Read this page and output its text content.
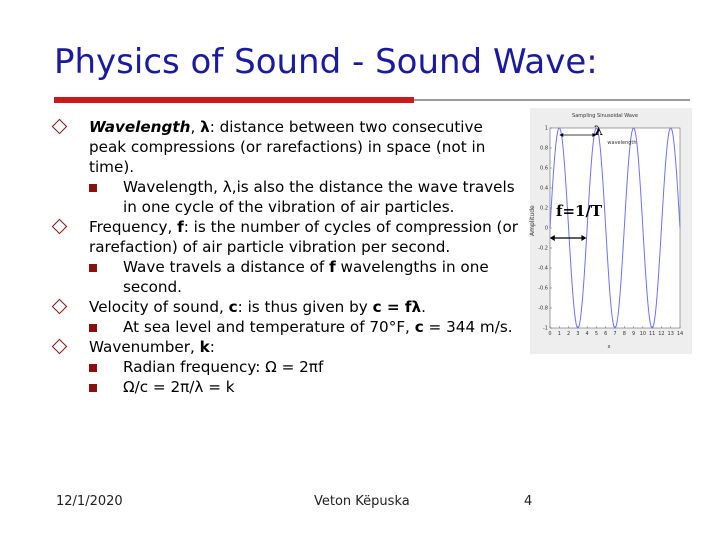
Physics of Sound - Sound Wave:
Wavelength, λ: distance between two consecutive peak compressions (or rarefactions) in space (not in time).
Wavelength, λ,is also the distance the wave travels in one cycle of the vibration of air particles.
Frequency, f: is the number of cycles of compression (or rarefaction) of air particle vibration per second.
Wave travels a distance of f wavelengths in one second.
Velocity of sound, c: is thus given by c = fλ.
At sea level and temperature of 70°F, c = 344 m/s.
Wavenumber, k:
Radian frequency: Ω = 2πf
Ω/c = 2π/λ = k
0 1 2 3 4 5 6 7 8 9 10 11 12 13 14
1
0.8
0.6
0.4
0.2
0
-0.2
-0.4
-0.6
-0.8
-1
Sampling Sinusoidal Wave
λ
wavelength
f=1/T
Amplitude
x
12/1/2020	Veton Këpuska	4
